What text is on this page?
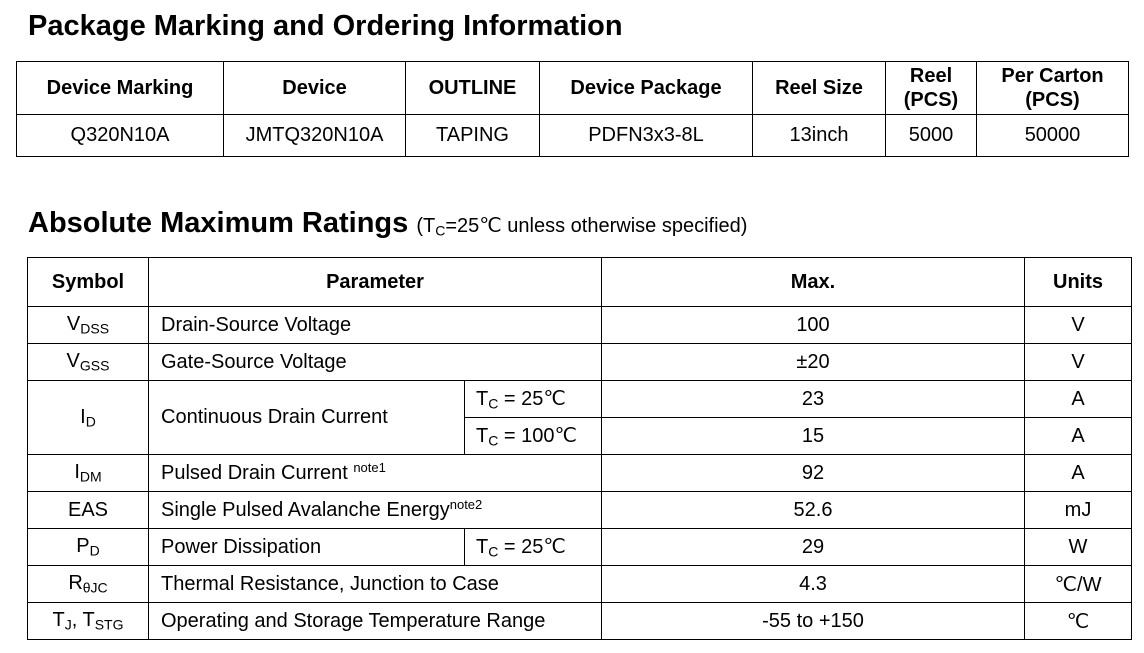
Package Marking and Ordering Information
Device Marking	Device	OUTLINE	Device Package	Reel Size	Reel (PCS)	Per Carton (PCS)
Q320N10A	JMTQ320N10A	TAPING	PDFN3x3-8L	13inch	5000	50000
Absolute Maximum Ratings ($T_C=25℃$ unless otherwise specified)
Symbol	Parameter		Max.	Units
$V_{DSS}$	Drain-Source Voltage		100	V
$V_{GSS}$	Gate-Source Voltage		±20	V
$I_D$	Continuous Drain Current	$T_C$ = 25℃	23	A
		$T_C$ = 100℃	15	A
$I_{DM}$	Pulsed Drain Current $^{note1}$		92	A
EAS	Single Pulsed Avalanche Energy$^{note2}$		52.6	mJ
$P_D$	Power Dissipation	$T_C$ = 25℃	29	W
$R_{\theta JC}$	Thermal Resistance, Junction to Case		4.3	℃/W
$T_J$, $T_{STG}$	Operating and Storage Temperature Range		-55 to +150	℃
